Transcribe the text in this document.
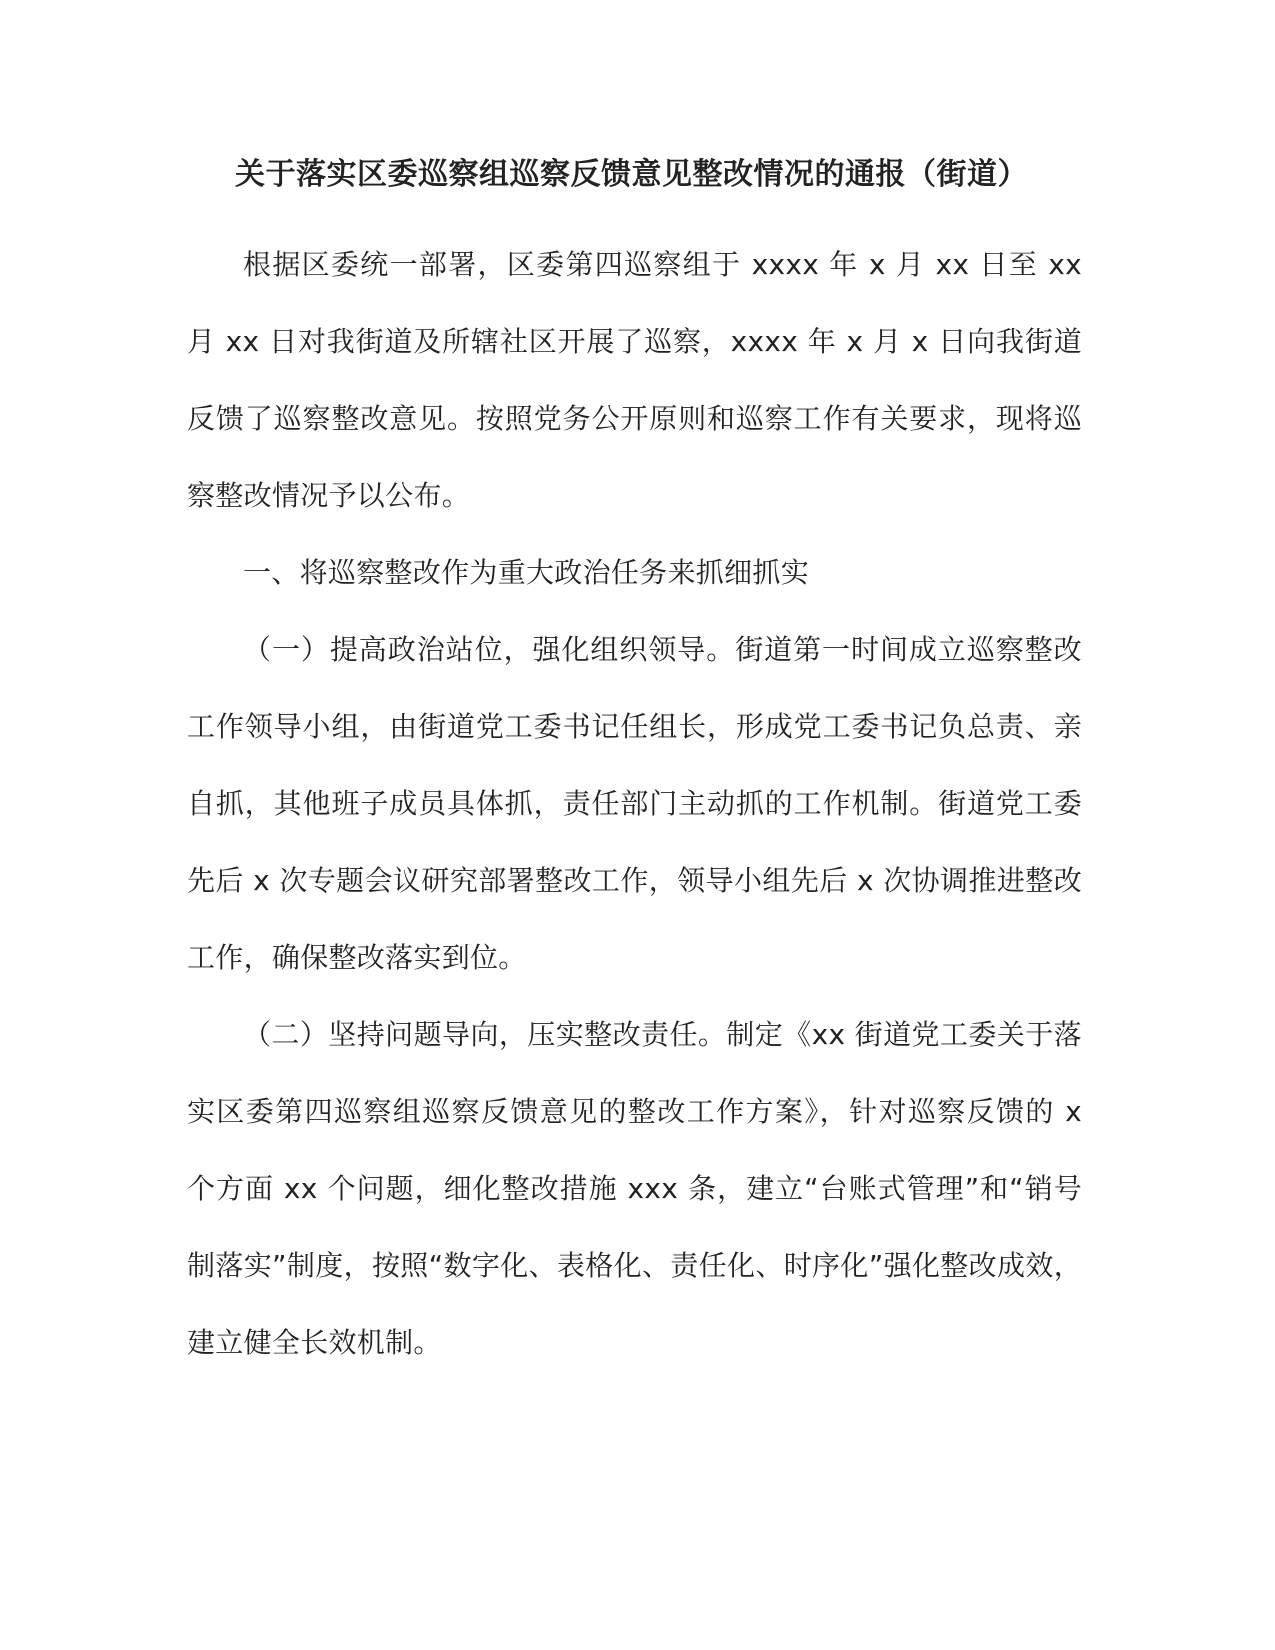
关于落实区委巡察组巡察反馈意见整改情况的通报（街道）

根据区委统一部署，区委第四巡察组于 xxxx 年 x 月 xx 日至 xx 月 xx 日对我街道及所辖社区开展了巡察，xxxx 年 x 月 x 日向我街道反馈了巡察整改意见。按照党务公开原则和巡察工作有关要求，现将巡察整改情况予以公布。

一、将巡察整改作为重大政治任务来抓细抓实

（一）提高政治站位，强化组织领导。街道第一时间成立巡察整改工作领导小组，由街道党工委书记任组长，形成党工委书记负总责、亲自抓，其他班子成员具体抓，责任部门主动抓的工作机制。街道党工委先后 x 次专题会议研究部署整改工作，领导小组先后 x 次协调推进整改工作，确保整改落实到位。

（二）坚持问题导向，压实整改责任。制定《xx 街道党工委关于落实区委第四巡察组巡察反馈意见的整改工作方案》，针对巡察反馈的 x 个方面 xx 个问题，细化整改措施 xxx 条，建立“台账式管理”和“销号制落实”制度，按照“数字化、表格化、责任化、时序化”强化整改成效，建立健全长效机制。
